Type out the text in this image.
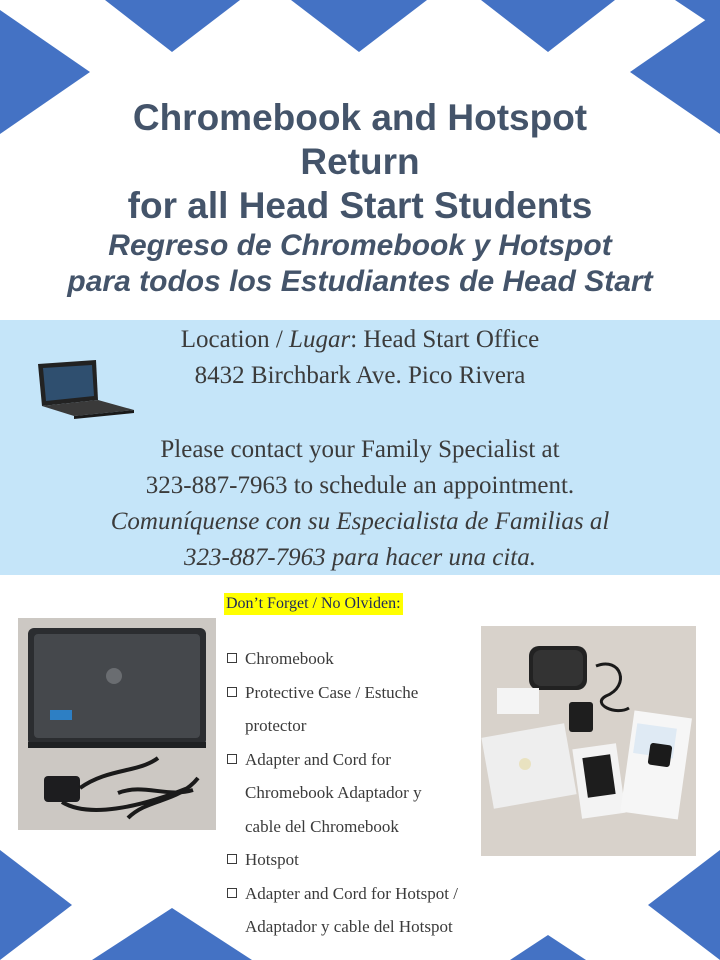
Chromebook and Hotspot
Return
for all Head Start Students
Regreso de Chromebook y Hotspot
para todos los Estudiantes de Head Start
Location / Lugar: Head Start Office
8432 Birchbark Ave. Pico Rivera
Please contact your Family Specialist at
323-887-7963 to schedule an appointment.
Comuníquense con su Especialista de Familias al
323-887-7963 para hacer una cita.
Don’t Forget / No Olviden:
Chromebook
Protective Case / Estuche
protector
Adapter and Cord for
Chromebook Adaptador y
cable del Chromebook
Hotspot
Adapter and Cord for Hotspot /
Adaptador y cable del Hotspot
